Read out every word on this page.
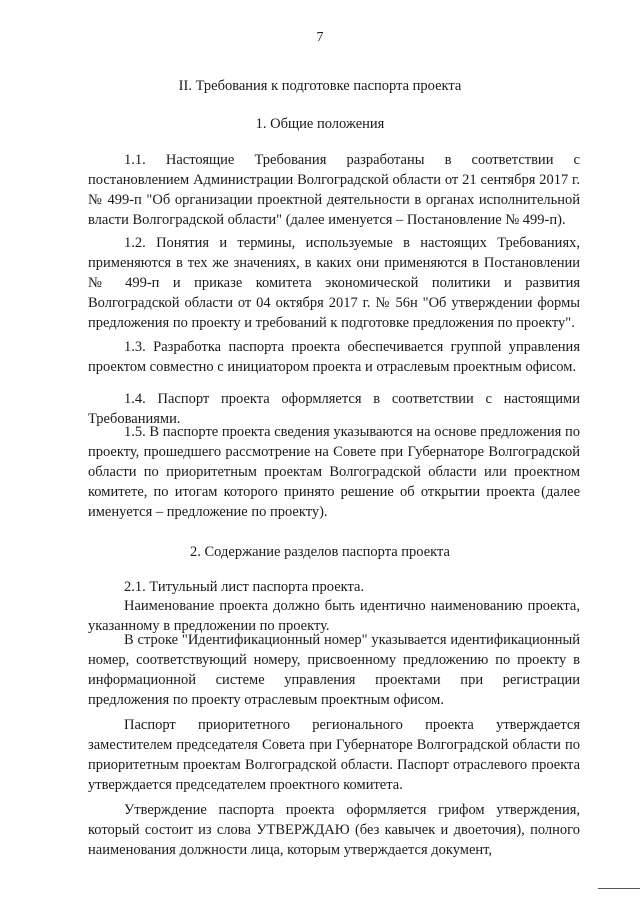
7
II. Требования к подготовке паспорта проекта
1. Общие положения

1.1. Настоящие Требования разработаны в соответствии с постановлением Администрации Волгоградской области от 21 сентября 2017 г. № 499-п "Об организации проектной деятельности в органах исполнительной власти Волгоградской области" (далее именуется – Постановление № 499-п).

1.2. Понятия и термины, используемые в настоящих Требованиях, применяются в тех же значениях, в каких они применяются в Постановлении № 499-п и приказе комитета экономической политики и развития Волгоградской области от 04 октября 2017 г. № 56н "Об утверждении формы предложения по проекту и требований к подготовке предложения по проекту".

1.3. Разработка паспорта проекта обеспечивается группой управления проектом совместно с инициатором проекта и отраслевым проектным офисом.

1.4. Паспорт проекта оформляется в соответствии с настоящими Требованиями.

1.5. В паспорте проекта сведения указываются на основе предложения по проекту, прошедшего рассмотрение на Совете при Губернаторе Волгоградской области по приоритетным проектам Волгоградской области или проектном комитете, по итогам которого принято решение об открытии проекта (далее именуется – предложение по проекту).

2. Содержание разделов паспорта проекта

2.1. Титульный лист паспорта проекта.

Наименование проекта должно быть идентично наименованию проекта, указанному в предложении по проекту.

В строке "Идентификационный номер" указывается идентификационный номер, соответствующий номеру, присвоенному предложению по проекту в информационной системе управления проектами при регистрации предложения по проекту отраслевым проектным офисом.

Паспорт приоритетного регионального проекта утверждается заместителем председателя Совета при Губернаторе Волгоградской области по приоритетным проектам Волгоградской области. Паспорт отраслевого проекта утверждается председателем проектного комитета.

Утверждение паспорта проекта оформляется грифом утверждения, который состоит из слова УТВЕРЖДАЮ (без кавычек и двоеточия), полного наименования должности лица, которым утверждается документ,
